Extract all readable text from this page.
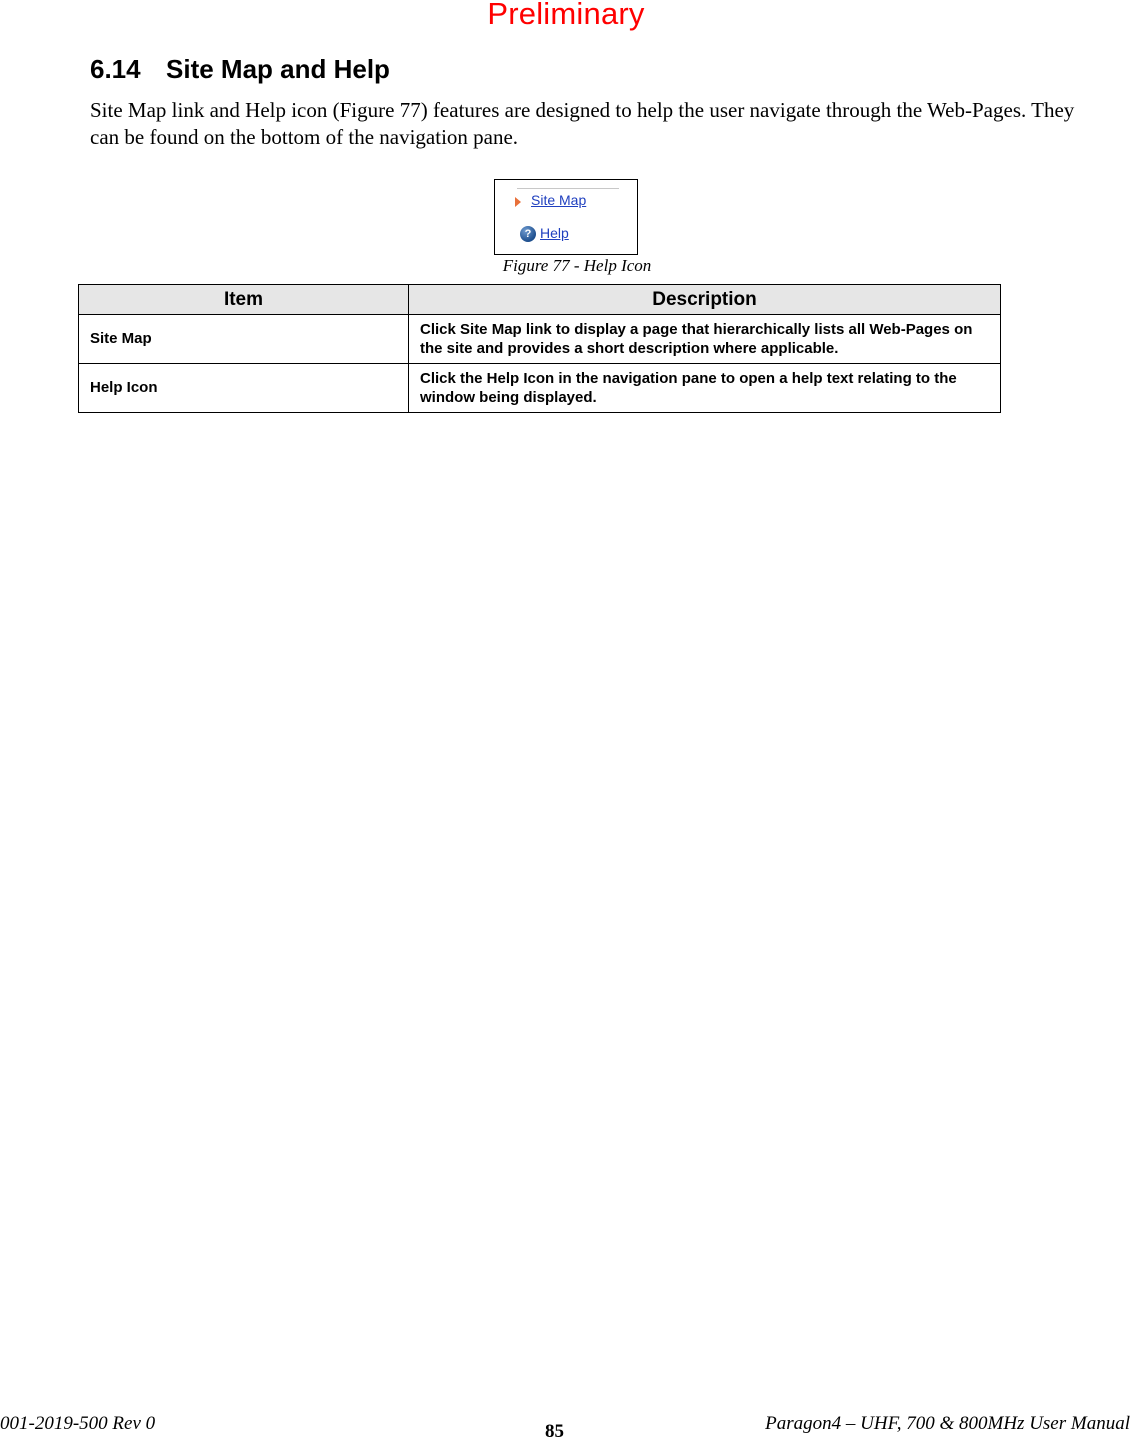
Preliminary
6.14 Site Map and Help

Site Map link and Help icon (Figure 77) features are designed to help the user navigate through the Web-Pages. They can be found on the bottom of the navigation pane.

Site Map
? Help
Figure 77 - Help Icon
Item	Description
Site Map	Click Site Map link to display a page that hierarchically lists all Web-Pages on the site and provides a short description where applicable.
Help Icon	Click the Help Icon in the navigation pane to open a help text relating to the window being displayed.
001-2019-500 Rev 0	85	Paragon4 – UHF, 700 & 800MHz User Manual
